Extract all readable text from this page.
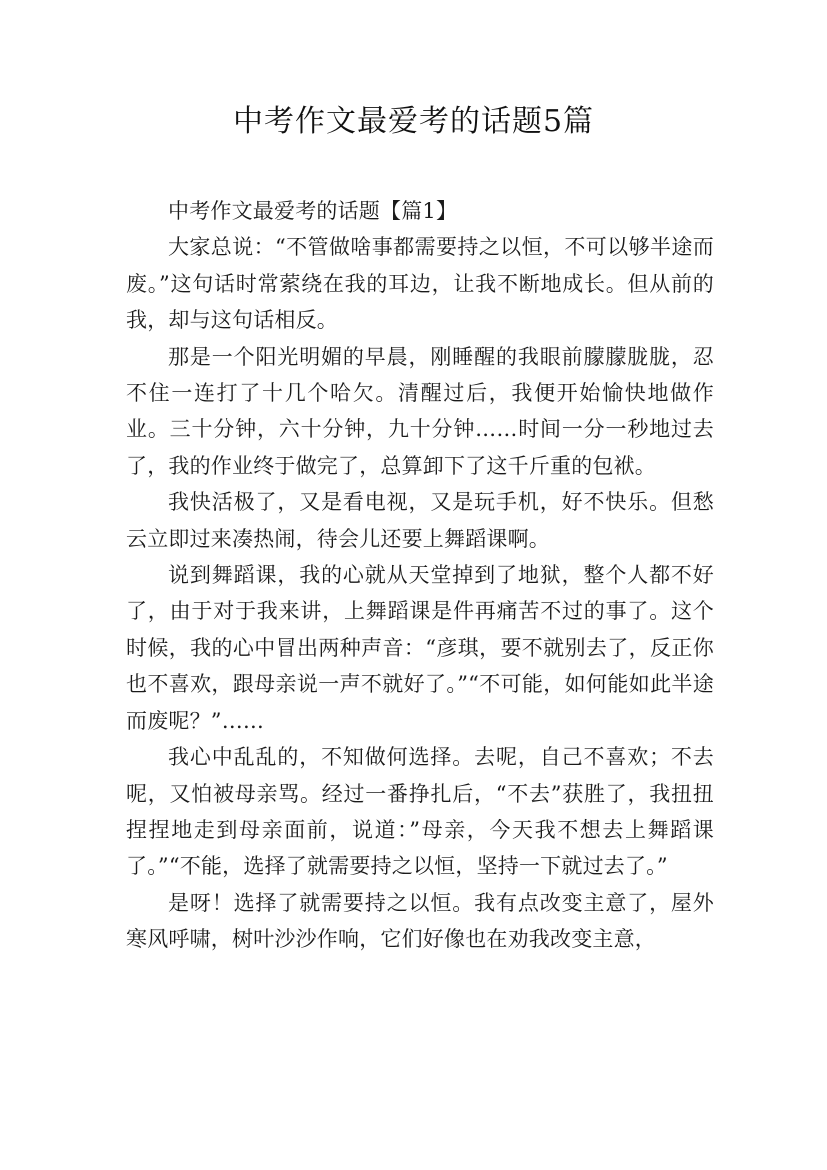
中考作文最爱考的话题5篇

中考作文最爱考的话题【篇1】

大家总说：“不管做啥事都需要持之以恒，不可以够半途而废。”这句话时常萦绕在我的耳边，让我不断地成长。但从前的我，却与这句话相反。

那是一个阳光明媚的早晨，刚睡醒的我眼前朦朦胧胧，忍不住一连打了十几个哈欠。清醒过后，我便开始愉快地做作业。三十分钟，六十分钟，九十分钟……时间一分一秒地过去了，我的作业终于做完了，总算卸下了这千斤重的包袱。

我快活极了，又是看电视，又是玩手机，好不快乐。但愁云立即过来凑热闹，待会儿还要上舞蹈课啊。

说到舞蹈课，我的心就从天堂掉到了地狱，整个人都不好了，由于对于我来讲，上舞蹈课是件再痛苦不过的事了。这个时候，我的心中冒出两种声音：“彦琪，要不就别去了，反正你也不喜欢，跟母亲说一声不就好了。”“不可能，如何能如此半途而废呢？”……

我心中乱乱的，不知做何选择。去呢，自己不喜欢；不去呢，又怕被母亲骂。经过一番挣扎后，“不去”获胜了，我扭扭捏捏地走到母亲面前，说道：”母亲，今天我不想去上舞蹈课了。”“不能，选择了就需要持之以恒，坚持一下就过去了。”

是呀！选择了就需要持之以恒。我有点改变主意了，屋外寒风呼啸，树叶沙沙作响，它们好像也在劝我改变主意，
